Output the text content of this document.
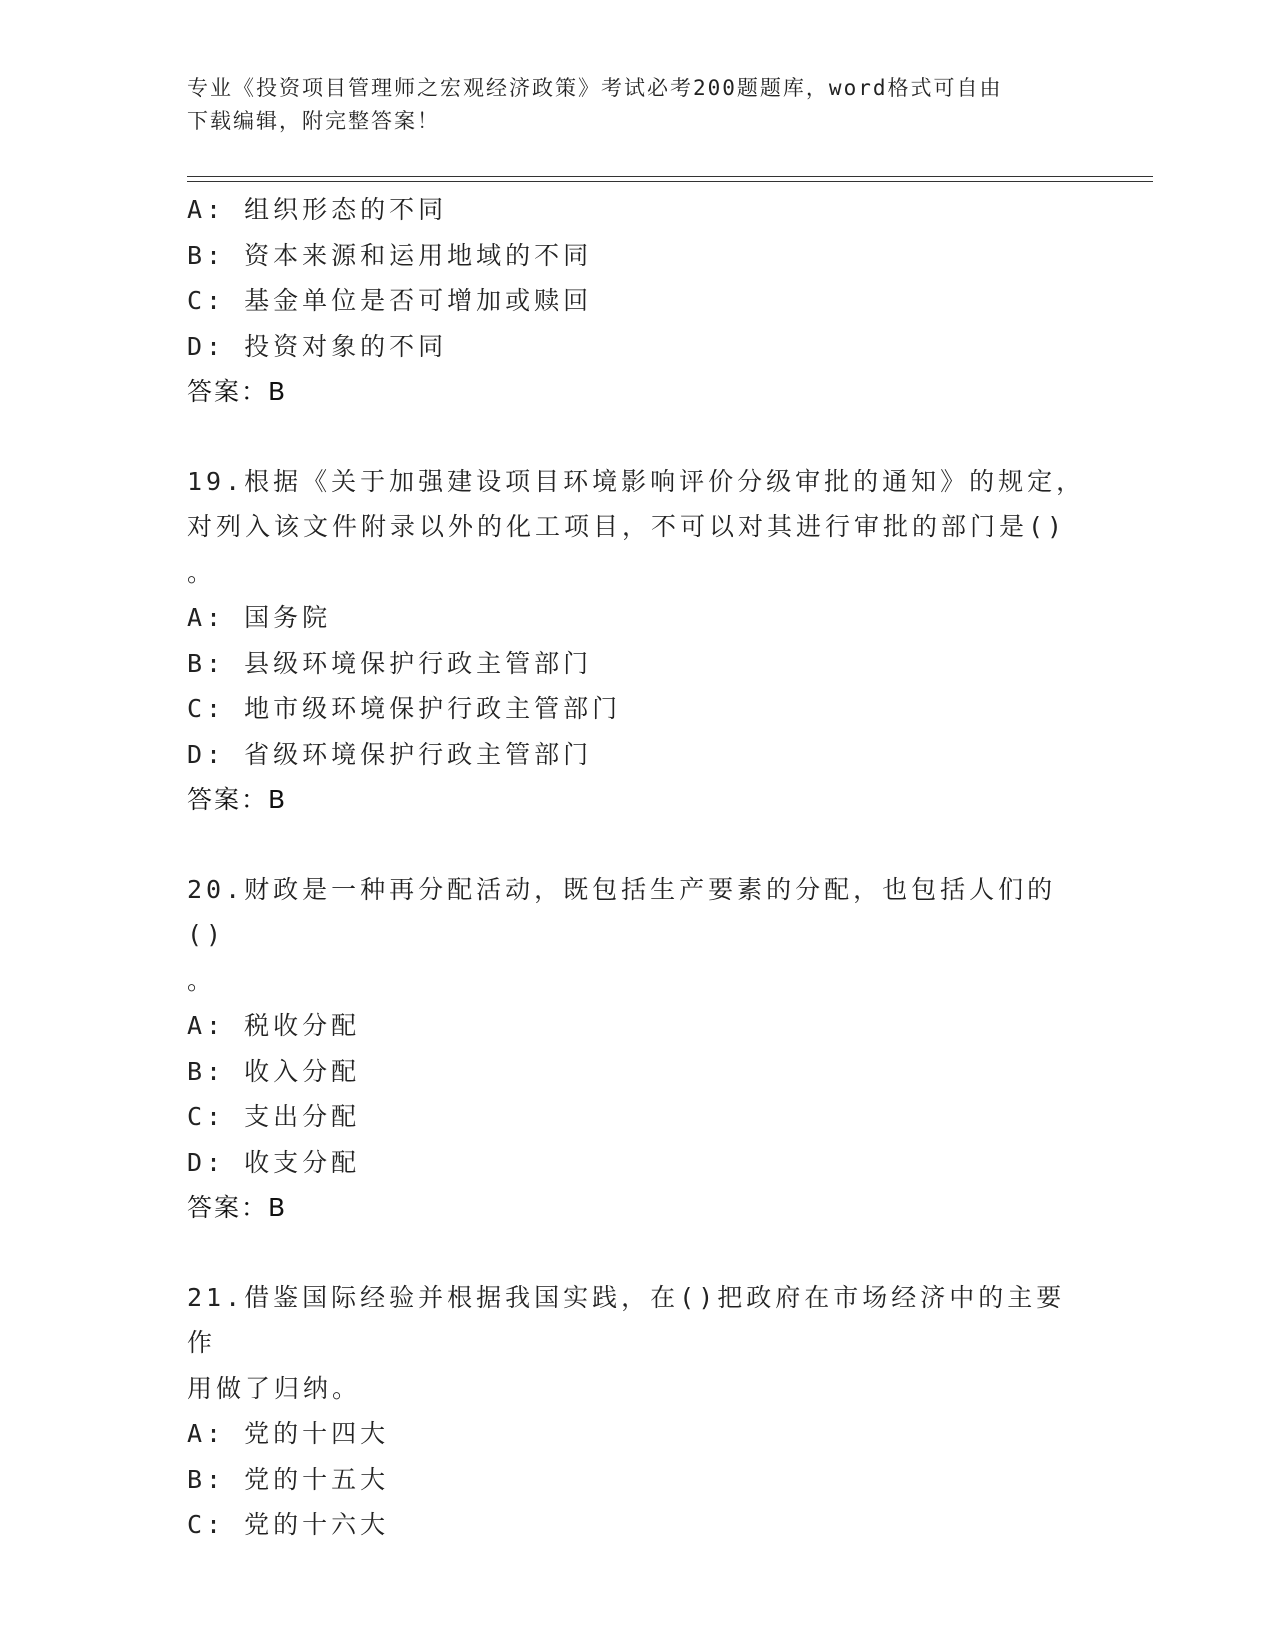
专业《投资项目管理师之宏观经济政策》考试必考200题题库，word格式可自由
下载编辑，附完整答案！
A: 组织形态的不同
B: 资本来源和运用地域的不同
C: 基金单位是否可增加或赎回
D: 投资对象的不同
答案：B
19.根据《关于加强建设项目环境影响评价分级审批的通知》的规定，
对列入该文件附录以外的化工项目，不可以对其进行审批的部门是()
。
A: 国务院
B: 县级环境保护行政主管部门
C: 地市级环境保护行政主管部门
D: 省级环境保护行政主管部门
答案：B
20.财政是一种再分配活动，既包括生产要素的分配，也包括人们的()
。
A: 税收分配
B: 收入分配
C: 支出分配
D: 收支分配
答案：B
21.借鉴国际经验并根据我国实践，在()把政府在市场经济中的主要作
用做了归纳。
A: 党的十四大
B: 党的十五大
C: 党的十六大
